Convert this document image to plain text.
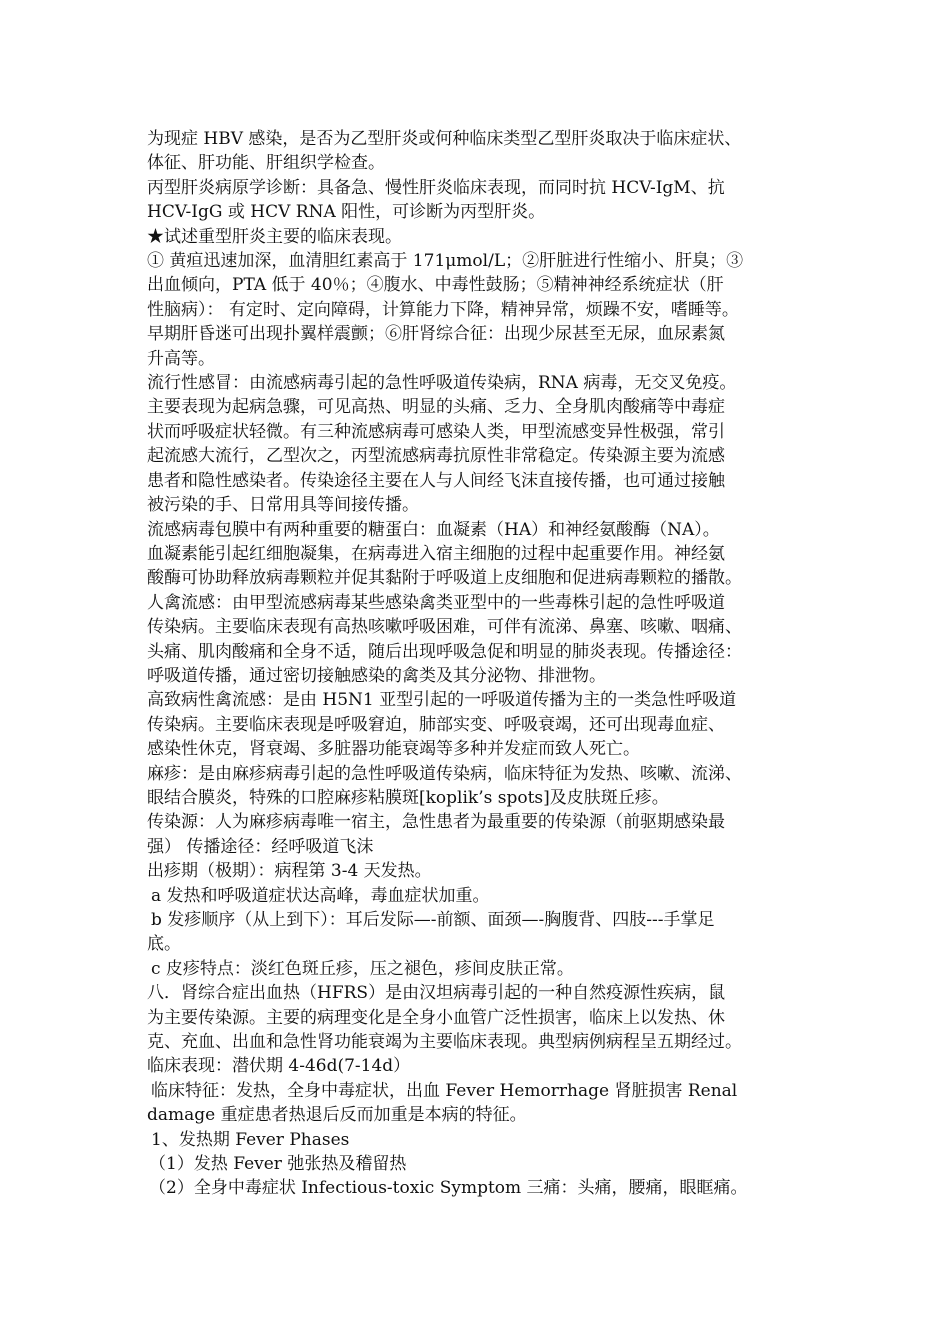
为现症 HBV 感染，是否为乙型肝炎或何种临床类型乙型肝炎取决于临床症状、

体征、肝功能、肝组织学检查。

丙型肝炎病原学诊断：具备急、慢性肝炎临床表现，而同时抗 HCV-IgM、抗

HCV-IgG 或 HCV RNA 阳性，可诊断为丙型肝炎。

★试述重型肝炎主要的临床表现。

① 黄疸迅速加深，血清胆红素高于 171μmol/L；②肝脏进行性缩小、肝臭；③

出血倾向，PTA 低于 40％；④腹水、中毒性鼓肠；⑤精神神经系统症状（肝

性脑病）： 有定时、定向障碍，计算能力下降，精神异常，烦躁不安，嗜睡等。

早期肝昏迷可出现扑翼样震颤；⑥肝肾综合征：出现少尿甚至无尿，血尿素氮

升高等。

流行性感冒：由流感病毒引起的急性呼吸道传染病，RNA 病毒，无交叉免疫。

主要表现为起病急骤，可见高热、明显的头痛、乏力、全身肌肉酸痛等中毒症

状而呼吸症状轻微。有三种流感病毒可感染人类，甲型流感变异性极强，常引

起流感大流行，乙型次之，丙型流感病毒抗原性非常稳定。传染源主要为流感

患者和隐性感染者。传染途径主要在人与人间经飞沫直接传播，也可通过接触

被污染的手、日常用具等间接传播。

流感病毒包膜中有两种重要的糖蛋白：血凝素（HA）和神经氨酸酶（NA）。

血凝素能引起红细胞凝集，在病毒进入宿主细胞的过程中起重要作用。神经氨

酸酶可协助释放病毒颗粒并促其黏附于呼吸道上皮细胞和促进病毒颗粒的播散。

人禽流感：由甲型流感病毒某些感染禽类亚型中的一些毒株引起的急性呼吸道

传染病。主要临床表现有高热咳嗽呼吸困难，可伴有流涕、鼻塞、咳嗽、咽痛、

头痛、肌肉酸痛和全身不适，随后出现呼吸急促和明显的肺炎表现。传播途径：

呼吸道传播，通过密切接触感染的禽类及其分泌物、排泄物。

高致病性禽流感：是由 H5N1 亚型引起的一呼吸道传播为主的一类急性呼吸道

传染病。主要临床表现是呼吸窘迫，肺部实变、呼吸衰竭，还可出现毒血症、

感染性休克，肾衰竭、多脏器功能衰竭等多种并发症而致人死亡。

麻疹：是由麻疹病毒引起的急性呼吸道传染病，临床特征为发热、咳嗽、流涕、

眼结合膜炎，特殊的口腔麻疹粘膜斑[koplik’s spots]及皮肤斑丘疹。

传染源：人为麻疹病毒唯一宿主，急性患者为最重要的传染源（前驱期感染最

强） 传播途径：经呼吸道飞沫

出疹期（极期）：病程第 3-4 天发热。

a 发热和呼吸道症状达高峰，毒血症状加重。

b 发疹顺序（从上到下）：耳后发际—-前额、面颈—-胸腹背、四肢---手掌足

底。

c 皮疹特点：淡红色斑丘疹，压之褪色，疹间皮肤正常。

八．肾综合症出血热（HFRS）是由汉坦病毒引起的一种自然疫源性疾病，鼠

为主要传染源。主要的病理变化是全身小血管广泛性损害，临床上以发热、休

克、充血、出血和急性肾功能衰竭为主要临床表现。典型病例病程呈五期经过。

临床表现：潜伏期 4-46d(7-14d）

临床特征：发热，全身中毒症状，出血 Fever Hemorrhage 肾脏损害 Renal

damage 重症患者热退后反而加重是本病的特征。

1、发热期 Fever Phases

（1）发热 Fever 弛张热及稽留热

（2）全身中毒症状 Infectious-toxic Symptom 三痛：头痛，腰痛，眼眶痛。
